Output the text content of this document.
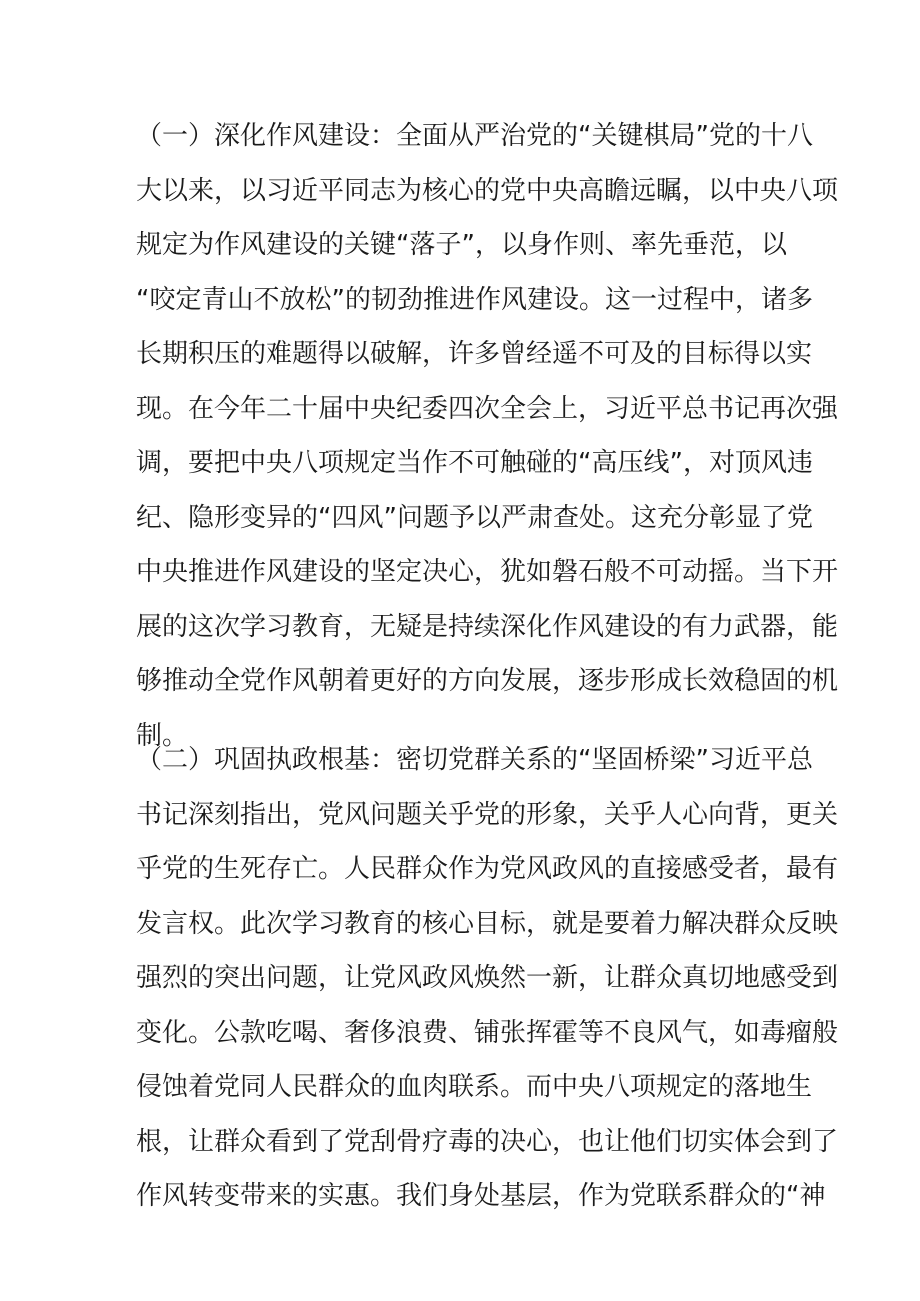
（一）深化作风建设：全面从严治党的“关键棋局”党的十八
大以来，以习近平同志为核心的党中央高瞻远瞩，以中央八项
规定为作风建设的关键“落子”，以身作则、率先垂范，以
“咬定青山不放松”的韧劲推进作风建设。这一过程中，诸多
长期积压的难题得以破解，许多曾经遥不可及的目标得以实
现。在今年二十届中央纪委四次全会上，习近平总书记再次强
调，要把中央八项规定当作不可触碰的“高压线”，对顶风违
纪、隐形变异的“四风”问题予以严肃查处。这充分彰显了党
中央推进作风建设的坚定决心，犹如磐石般不可动摇。当下开
展的这次学习教育，无疑是持续深化作风建设的有力武器，能
够推动全党作风朝着更好的方向发展，逐步形成长效稳固的机
制。

（二）巩固执政根基：密切党群关系的“坚固桥梁”习近平总
书记深刻指出，党风问题关乎党的形象，关乎人心向背，更关
乎党的生死存亡。人民群众作为党风政风的直接感受者，最有
发言权。此次学习教育的核心目标，就是要着力解决群众反映
强烈的突出问题，让党风政风焕然一新，让群众真切地感受到
变化。公款吃喝、奢侈浪费、铺张挥霍等不良风气，如毒瘤般
侵蚀着党同人民群众的血肉联系。而中央八项规定的落地生
根，让群众看到了党刮骨疗毒的决心，也让他们切实体会到了
作风转变带来的实惠。我们身处基层，作为党联系群众的“神
